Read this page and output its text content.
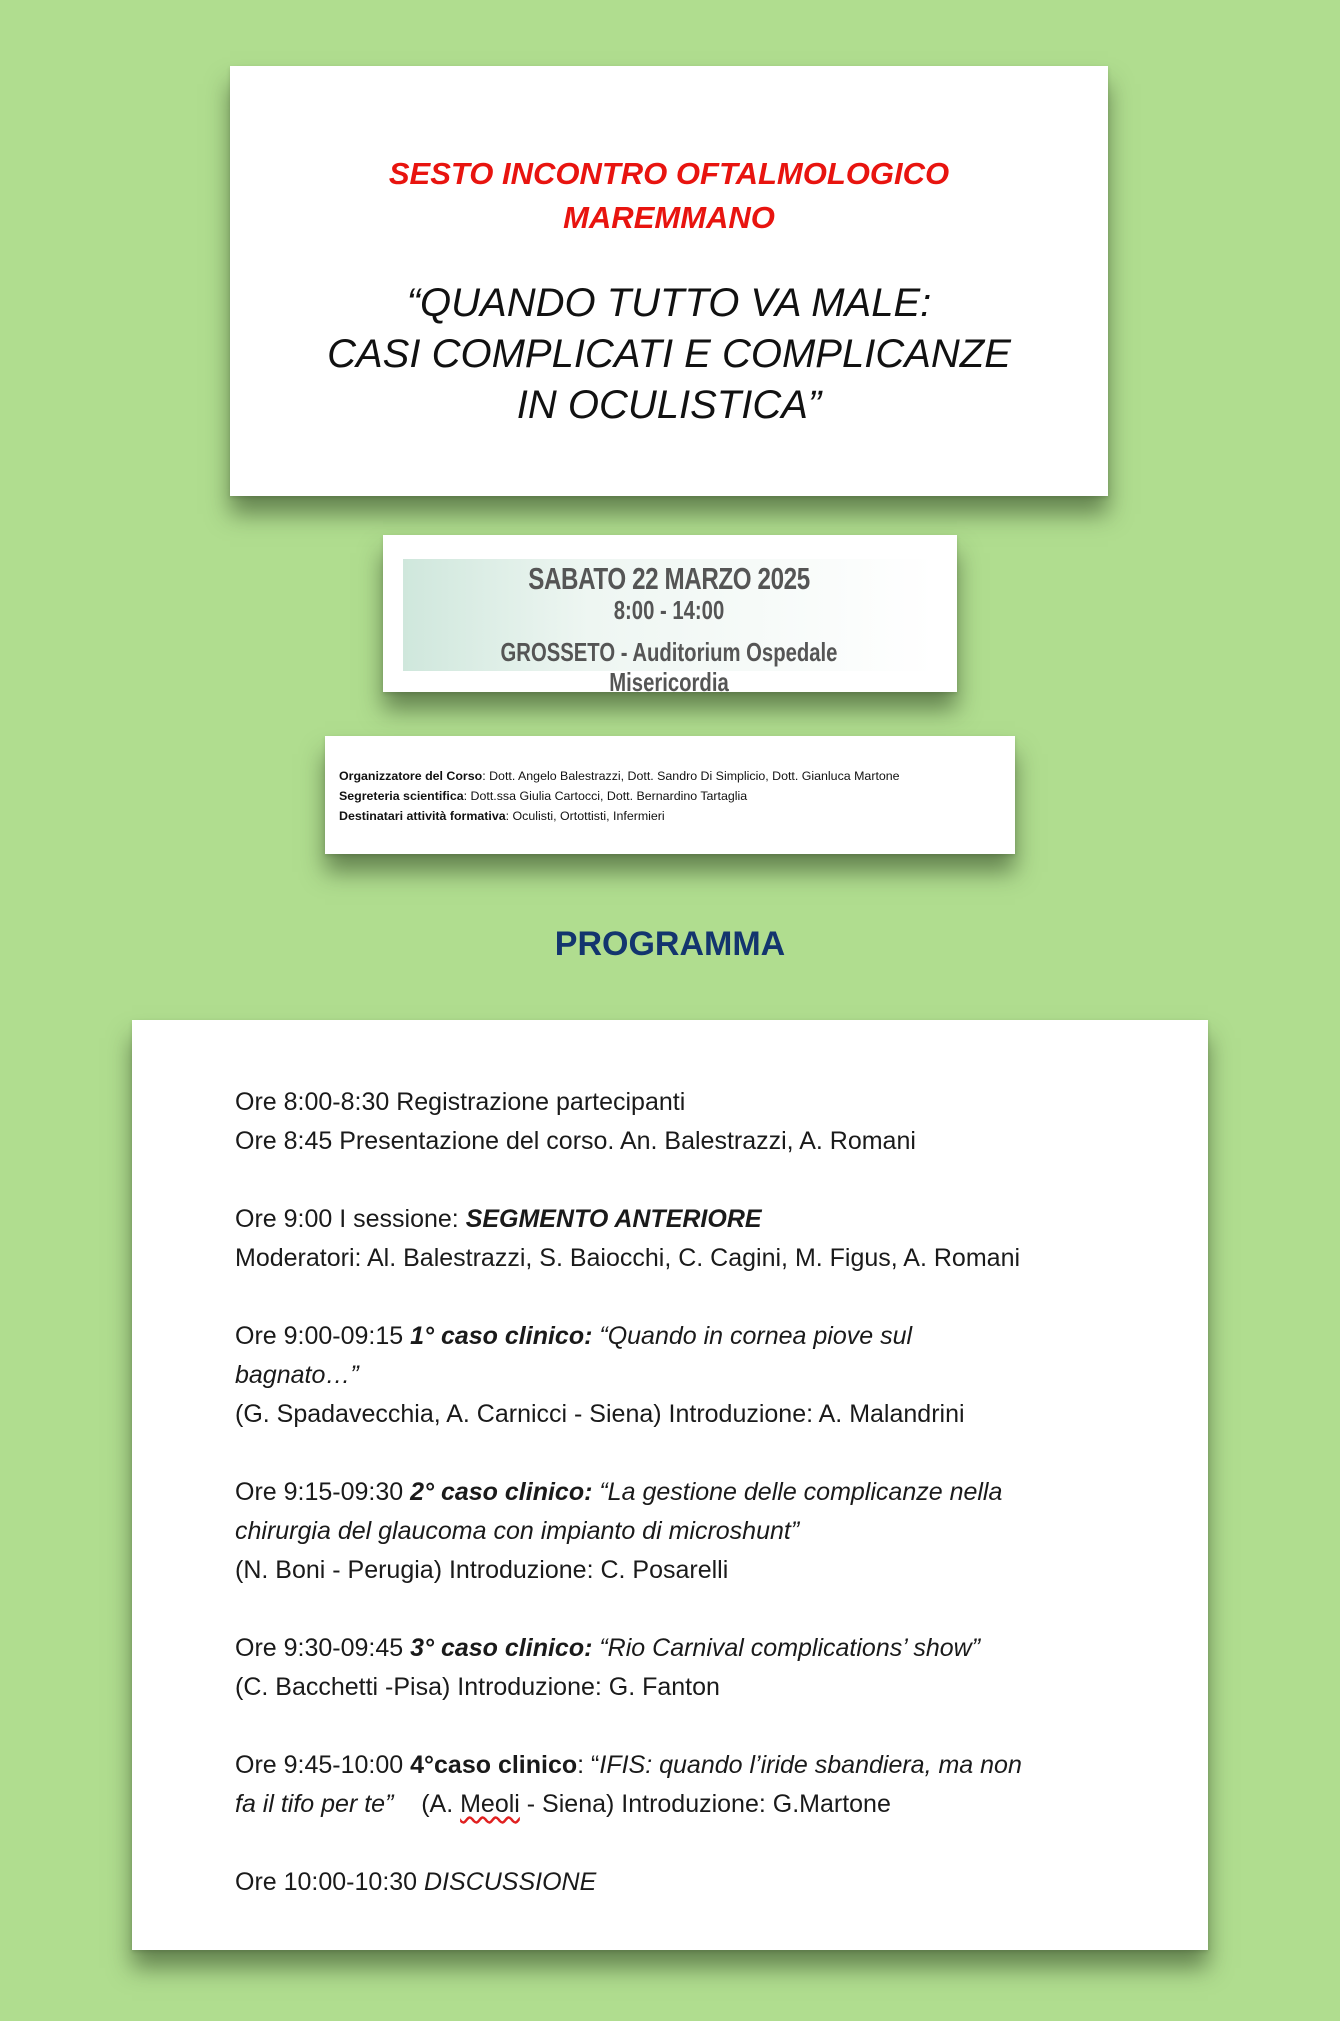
SESTO INCONTRO OFTALMOLOGICO
MAREMMANO
“QUANDO TUTTO VA MALE:
CASI COMPLICATI E COMPLICANZE
IN OCULISTICA”
SABATO 22 MARZO 2025
8:00 - 14:00
GROSSETO - Auditorium Ospedale Misericordia
Organizzatore del Corso: Dott. Angelo Balestrazzi, Dott. Sandro Di Simplicio, Dott. Gianluca Martone
Segreteria scientifica: Dott.ssa Giulia Cartocci, Dott. Bernardino Tartaglia
Destinatari attività formativa: Oculisti, Ortottisti, Infermieri
PROGRAMMA
Ore 8:00-8:30 Registrazione partecipanti
Ore 8:45 Presentazione del corso. An. Balestrazzi, A. Romani
Ore 9:00 I sessione: SEGMENTO ANTERIORE
Moderatori: Al. Balestrazzi, S. Baiocchi, C. Cagini, M. Figus, A. Romani
Ore 9:00-09:15 1° caso clinico: “Quando in cornea piove sul
bagnato…”
(G. Spadavecchia, A. Carnicci - Siena) Introduzione: A. Malandrini
Ore 9:15-09:30 2° caso clinico: “La gestione delle complicanze nella
chirurgia del glaucoma con impianto di microshunt”
(N. Boni - Perugia) Introduzione: C. Posarelli
Ore 9:30-09:45 3° caso clinico: “Rio Carnival complications’ show”
(C. Bacchetti -Pisa) Introduzione: G. Fanton
Ore 9:45-10:00 4°caso clinico: “IFIS: quando l’iride sbandiera, ma non
fa il tifo per te”    (A. Meoli - Siena) Introduzione: G.Martone
Ore 10:00-10:30 DISCUSSIONE
